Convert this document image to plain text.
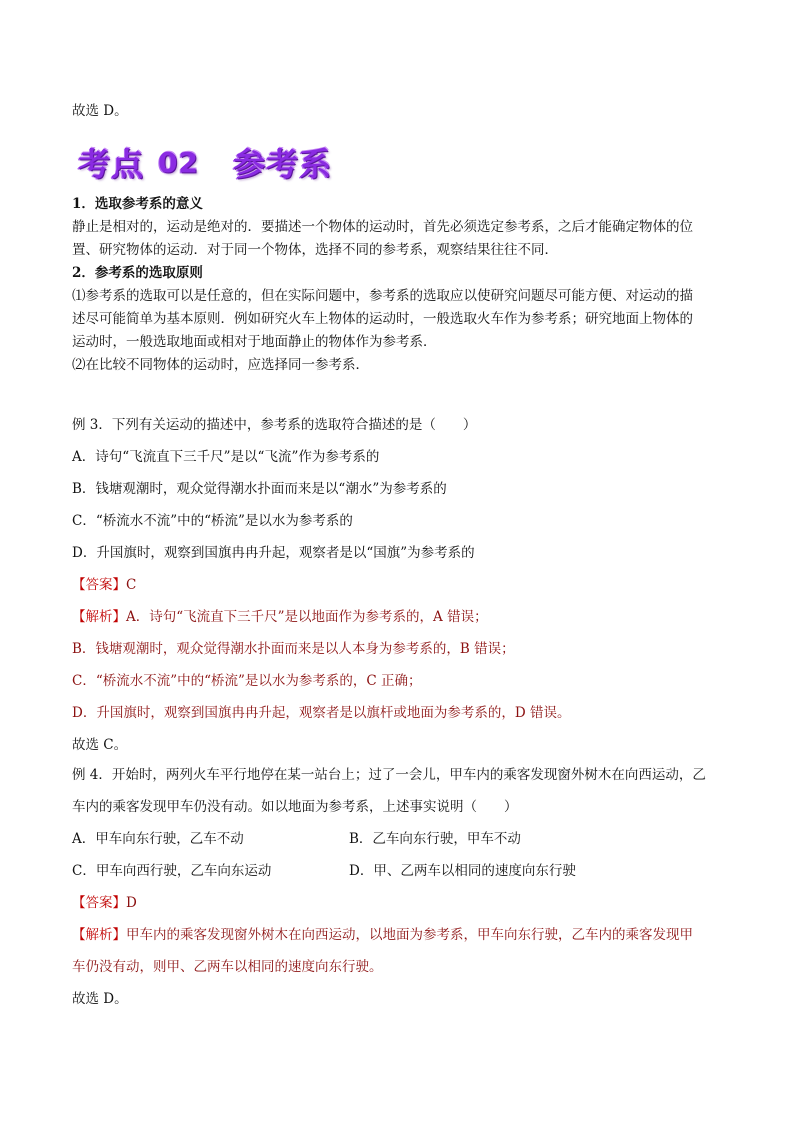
故选 D。
考点 02 参考系
1．选取参考系的意义
静止是相对的，运动是绝对的．要描述一个物体的运动时，首先必须选定参考系，之后才能确定物体的位
置、研究物体的运动．对于同一个物体，选择不同的参考系，观察结果往往不同．
2．参考系的选取原则
⑴参考系的选取可以是任意的，但在实际问题中，参考系的选取应以使研究问题尽可能方便、对运动的描
述尽可能简单为基本原则．例如研究火车上物体的运动时，一般选取火车作为参考系；研究地面上物体的
运动时，一般选取地面或相对于地面静止的物体作为参考系．
⑵在比较不同物体的运动时，应选择同一参考系．
例 3．下列有关运动的描述中，参考系的选取符合描述的是（　　）
A．诗句“飞流直下三千尺”是以“飞流”作为参考系的
B．钱塘观潮时，观众觉得潮水扑面而来是以“潮水”为参考系的
C．“桥流水不流”中的“桥流”是以水为参考系的
D．升国旗时，观察到国旗冉冉升起，观察者是以“国旗”为参考系的
【答案】C
【解析】A．诗句“飞流直下三千尺”是以地面作为参考系的，A 错误；
B．钱塘观潮时，观众觉得潮水扑面而来是以人本身为参考系的，B 错误；
C．“桥流水不流”中的“桥流”是以水为参考系的，C 正确；
D．升国旗时，观察到国旗冉冉升起，观察者是以旗杆或地面为参考系的，D 错误。
故选 C。
例 4．开始时，两列火车平行地停在某一站台上；过了一会儿，甲车内的乘客发现窗外树木在向西运动，乙
车内的乘客发现甲车仍没有动。如以地面为参考系，上述事实说明（　　）
A．甲车向东行驶，乙车不动	B．乙车向东行驶，甲车不动
C．甲车向西行驶，乙车向东运动	D．甲、乙两车以相同的速度向东行驶
【答案】D
【解析】甲车内的乘客发现窗外树木在向西运动，以地面为参考系，甲车向东行驶，乙车内的乘客发现甲
车仍没有动，则甲、乙两车以相同的速度向东行驶。
故选 D。
